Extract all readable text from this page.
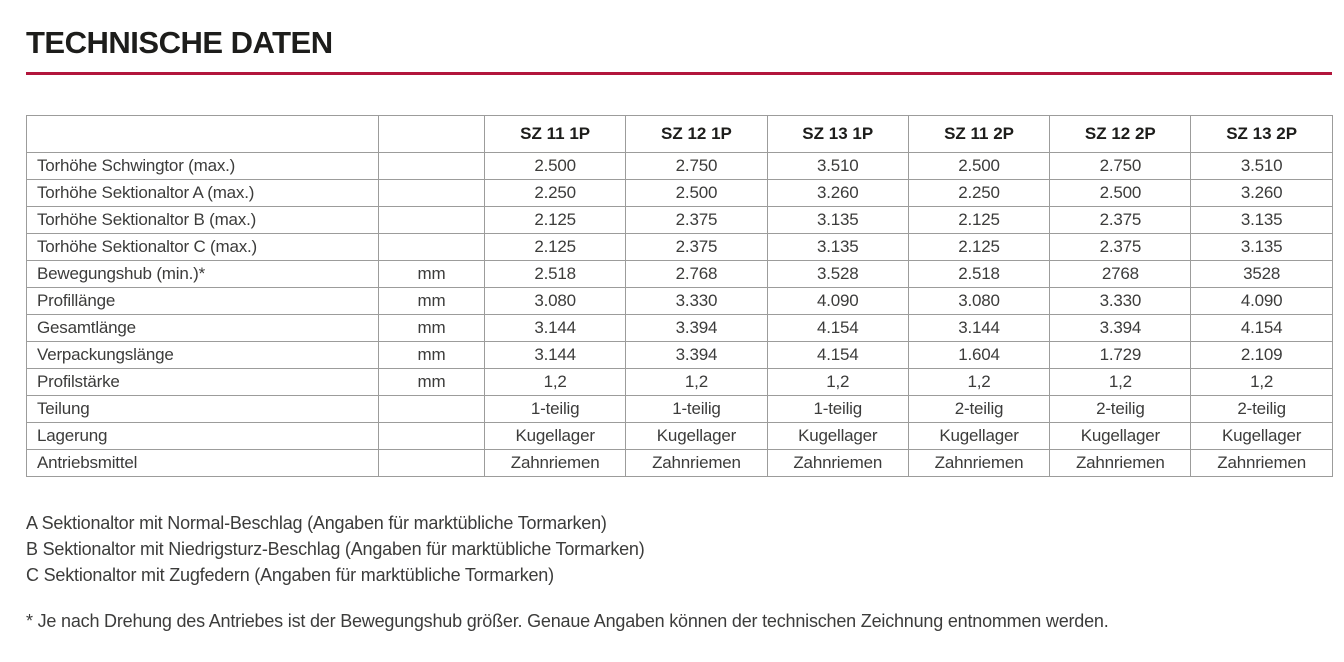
TECHNISCHE DATEN
		SZ 11 1P	SZ 12 1P	SZ 13 1P	SZ 11 2P	SZ 12 2P	SZ 13 2P
Torhöhe Schwingtor (max.)		2.500	2.750	3.510	2.500	2.750	3.510
Torhöhe Sektionaltor A (max.)		2.250	2.500	3.260	2.250	2.500	3.260
Torhöhe Sektionaltor B (max.)		2.125	2.375	3.135	2.125	2.375	3.135
Torhöhe Sektionaltor C (max.)		2.125	2.375	3.135	2.125	2.375	3.135
Bewegungshub (min.)*	mm	2.518	2.768	3.528	2.518	2768	3528
Profillänge	mm	3.080	3.330	4.090	3.080	3.330	4.090
Gesamtlänge	mm	3.144	3.394	4.154	3.144	3.394	4.154
Verpackungslänge	mm	3.144	3.394	4.154	1.604	1.729	2.109
Profilstärke	mm	1,2	1,2	1,2	1,2	1,2	1,2
Teilung		1-teilig	1-teilig	1-teilig	2-teilig	2-teilig	2-teilig
Lagerung		Kugellager	Kugellager	Kugellager	Kugellager	Kugellager	Kugellager
Antriebsmittel		Zahnriemen	Zahnriemen	Zahnriemen	Zahnriemen	Zahnriemen	Zahnriemen

A Sektionaltor mit Normal-Beschlag (Angaben für marktübliche Tormarken)

B Sektionaltor mit Niedrigsturz-Beschlag (Angaben für marktübliche Tormarken)

C Sektionaltor mit Zugfedern (Angaben für marktübliche Tormarken)

* Je nach Drehung des Antriebes ist der Bewegungshub größer. Genaue Angaben können der technischen Zeichnung entnommen werden.
